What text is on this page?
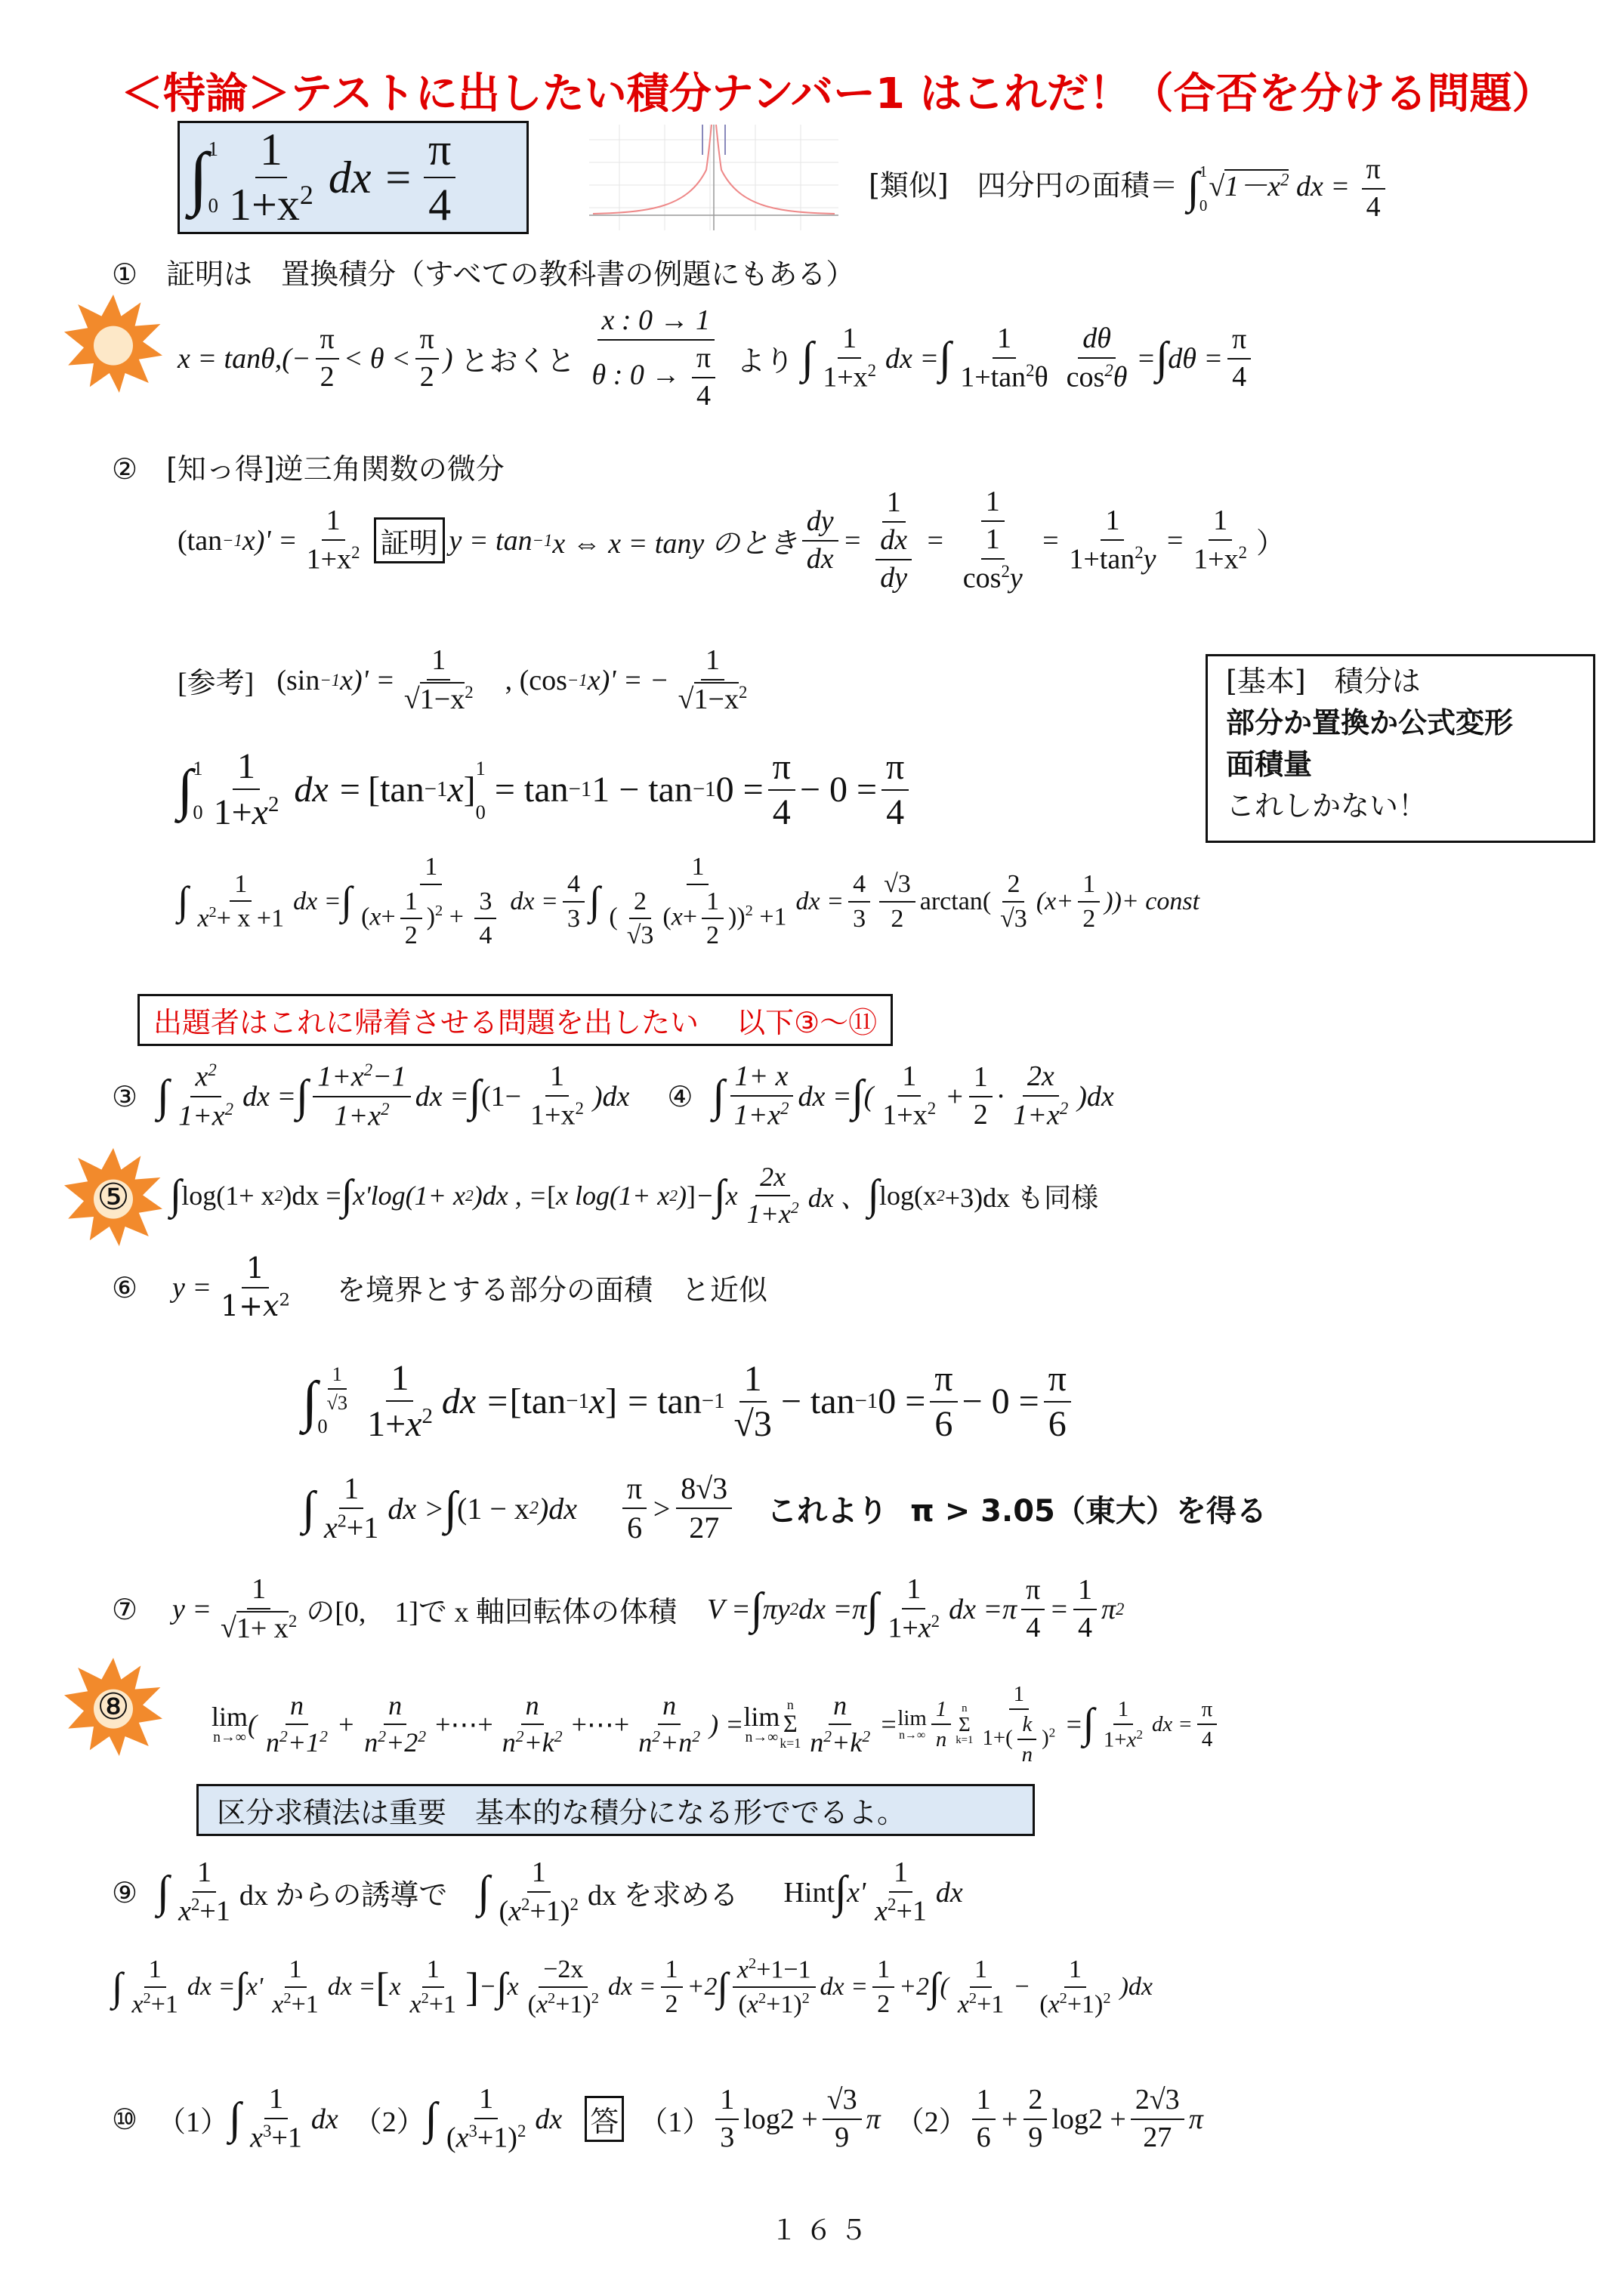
＜特論＞テストに出したい積分ナンバー1 はこれだ！（合否を分ける問題）
∫ 1
$0 \frac{1}{1+x^2}$ dx = $\frac{\pi}{4}$	[類似]　四分円の面積＝ ∫ 1
0
$√1-x^2$ dx = $\frac{\pi}{4}$
① 証明は　置換積分（すべての教科書の例題にもある）
$x = \tan\theta,(- \frac{\pi}{2} < \theta < \frac{\pi}{2}$ ) とおくと $\frac{x : 0 \to 1}{\theta : 0 \to \frac{\pi}{4}}$ より ∫ $\frac{1}{1+x^2}$ dx = ∫ $\frac{1}{1+\tan^2\theta} \frac{d\theta}{\cos^2\theta}$ = ∫ $d\theta = \frac{\pi}{4}$
② [知っ得]逆三角関数の微分
(tan −1 $x)' = \frac{1}{1+x^2}$ 証明 y = tan −1 x ⇔ x = tany のとき $\frac{dy}{dx} = \frac{1}{\frac{dx}{dy}} = \frac{1}{\frac{1}{\cos^2y}} = \frac{1}{1+\tan^2y} = \frac{1}{1+x^2}$ ）
[参考] (sin −1 $x)' = \frac{1}{√1-x^2}$ , (cos −1 x)' = − $\frac{1}{√1-x^2}$	[基本]　積分は
部分か置換か公式変形
面積量
これしかない！
∫ 1
$0 \frac{1}{1+x^2}$ dx = [ tan −1 x ]
1
0
= tan −1 1 − tan −1 $0 = \frac{\pi}{4} - 0 = \frac{\pi}{4}$
∫ $\frac{1}{x^2+ x +1}$ dx = ∫ $\frac{1}{(x+ \frac{1}{2} )^2 + \frac{3}{4}}$ dx = $\frac{4}{3}$ ∫ $\frac{1}{( \frac{2}{√3} (x+ \frac{1}{2} ))^2 +1}$ dx = $\frac{4}{3} \frac{√3}{2}$ arctan ( $\frac{2}{√3}$ ( $x + \frac{1}{2}$ )) + const
出題者はこれに帰着させる問題を出したい　 以下③〜⑪
③ ∫ $\frac{x^2}{1+x^2}$ dx = ∫ $\frac{1+x^2-1}{1+x^2}$ dx = ∫ $(1- \frac{1}{1+x^2} )dx$ ④ ∫ $\frac{1+ x}{1+x^2}$ dx = ∫ ( $\frac{1}{1+x^2} + \frac{1}{2} \cdot \frac{2x}{1+x^2} )dx$
⑤ ∫ log(1+ x 2 )dx = ∫ x'log(1+ x 2 )dx , = [ x log(1+ x 2 ) ] − ∫ x $\frac{2x}{1+x^2}$ dx 、 ∫ log(x 2 +3)dx も同様
⑥	$y = \frac{1}{1+x^2}$ を境界とする部分の面積　と近似
∫ $\frac{1}{√3}$
$0 \frac{1}{1+x^2}$ dx = [tan −1 x ] = $\tan -1 \frac{1}{√3} - \tan -1$ $0 = \frac{\pi}{6} - 0 = \frac{\pi}{6}$
∫ $\frac{1}{x^2+1}$ dx > ∫ (1 − x 2 )$dx \frac{\pi}{6} > \frac{8√3}{27}$ これより π > 3.05（東大）を得る
⑦	$y = \frac{1}{√1+ x^2}$ の[0,　1]で x 軸回転体の体積 V = ∫ πy 2 dx =π ∫ $\frac{1}{1+x^2}$ dx $=\pi \frac{\pi}{4} = \frac{1}{4}$ π 2
⑧	lim
n→∞ ( $\frac{n}{n^2+1^2} + \frac{n}{n^2+2^2}$ +⋯+ $\frac{n}{n^2+k^2}$ +⋯+ $\frac{n}{n^2+n^2}$ ) = lim
n→∞
n
Σ
$k=1 \frac{n}{n^2+k^2} = \lim$
$n\to\infty \frac{1}{n}$ n
Σ
$k=1 \frac{1}{1+( \frac{k}{n} )^2}$ = ∫ $\frac{1}{1+x^2}$ dx = $\frac{\pi}{4}$
区分求積法は重要　基本的な積分になる形ででるよ。
⑨ ∫ $\frac{1}{x^2+1}$ dx からの誘導で ∫ $\frac{1}{(x^2+1)^2}$ dx を求める Hint ∫ $x' \frac{1}{x^2+1}$ dx
∫ $\frac{1}{x^2+1}$ dx = ∫ $x' \frac{1}{x^2+1}$ dx = [ x $\frac{1}{x^2+1}$ ] − ∫ x $\frac{-2x}{(x^2+1)^2}$ dx = $\frac{1}{2} +2$ ∫ $\frac{x^2+1-1}{(x^2+1)^2}$ dx = $\frac{1}{2} +2$ ∫ ( $\frac{1}{x^2+1} - \frac{1}{(x^2+1)^2} )dx$
⑩ （1） ∫ $\frac{1}{x^3+1}$ dx （2） ∫ $\frac{1}{(x^3+1)^2}$ dx 答 $(1) \frac{1}{3} \log 2 + \frac{√3}{9}$ π $(2) \frac{1}{6} + \frac{2}{9} \log 2 + \frac{2√3}{27}$ π
１６５
